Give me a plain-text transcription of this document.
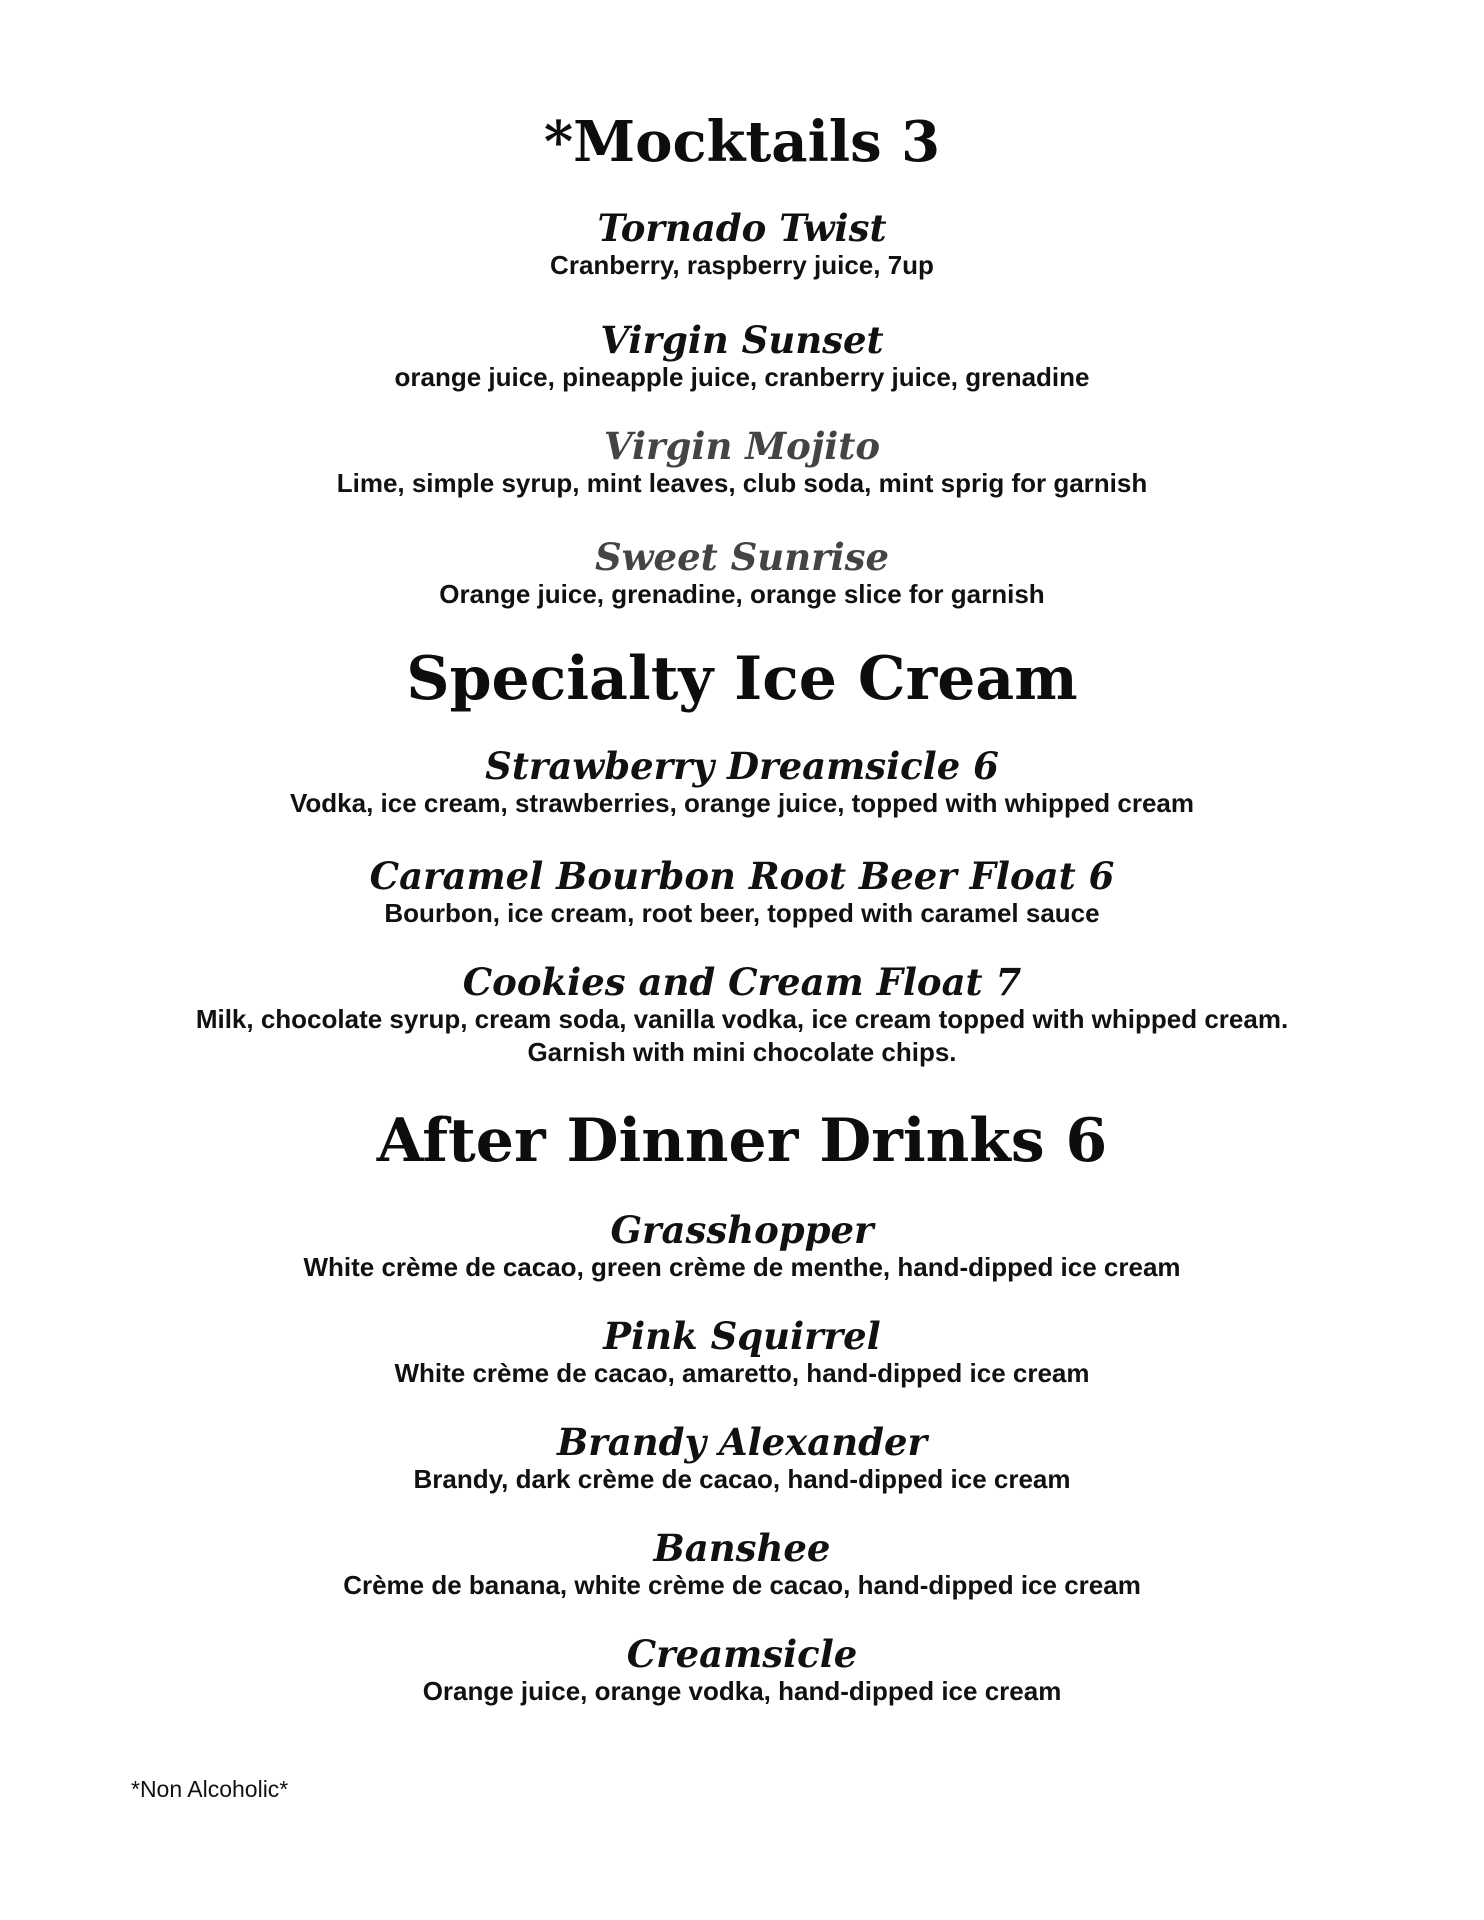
*Mocktails 3

Tornado Twist

Cranberry, raspberry juice, 7up

Virgin Sunset

orange juice, pineapple juice, cranberry juice, grenadine

Virgin Mojito

Lime, simple syrup, mint leaves, club soda, mint sprig for garnish

Sweet Sunrise

Orange juice, grenadine, orange slice for garnish

Specialty Ice Cream

Strawberry Dreamsicle 6

Vodka, ice cream, strawberries, orange juice, topped with whipped cream

Caramel Bourbon Root Beer Float 6

Bourbon, ice cream, root beer, topped with caramel sauce

Cookies and Cream Float 7

Milk, chocolate syrup, cream soda, vanilla vodka, ice cream topped with whipped cream.

Garnish with mini chocolate chips.

After Dinner Drinks 6

Grasshopper

White crème de cacao, green crème de menthe, hand-dipped ice cream

Pink Squirrel

White crème de cacao, amaretto, hand-dipped ice cream

Brandy Alexander

Brandy, dark crème de cacao, hand-dipped ice cream

Banshee

Crème de banana, white crème de cacao, hand-dipped ice cream

Creamsicle

Orange juice, orange vodka, hand-dipped ice cream

*Non Alcoholic*
